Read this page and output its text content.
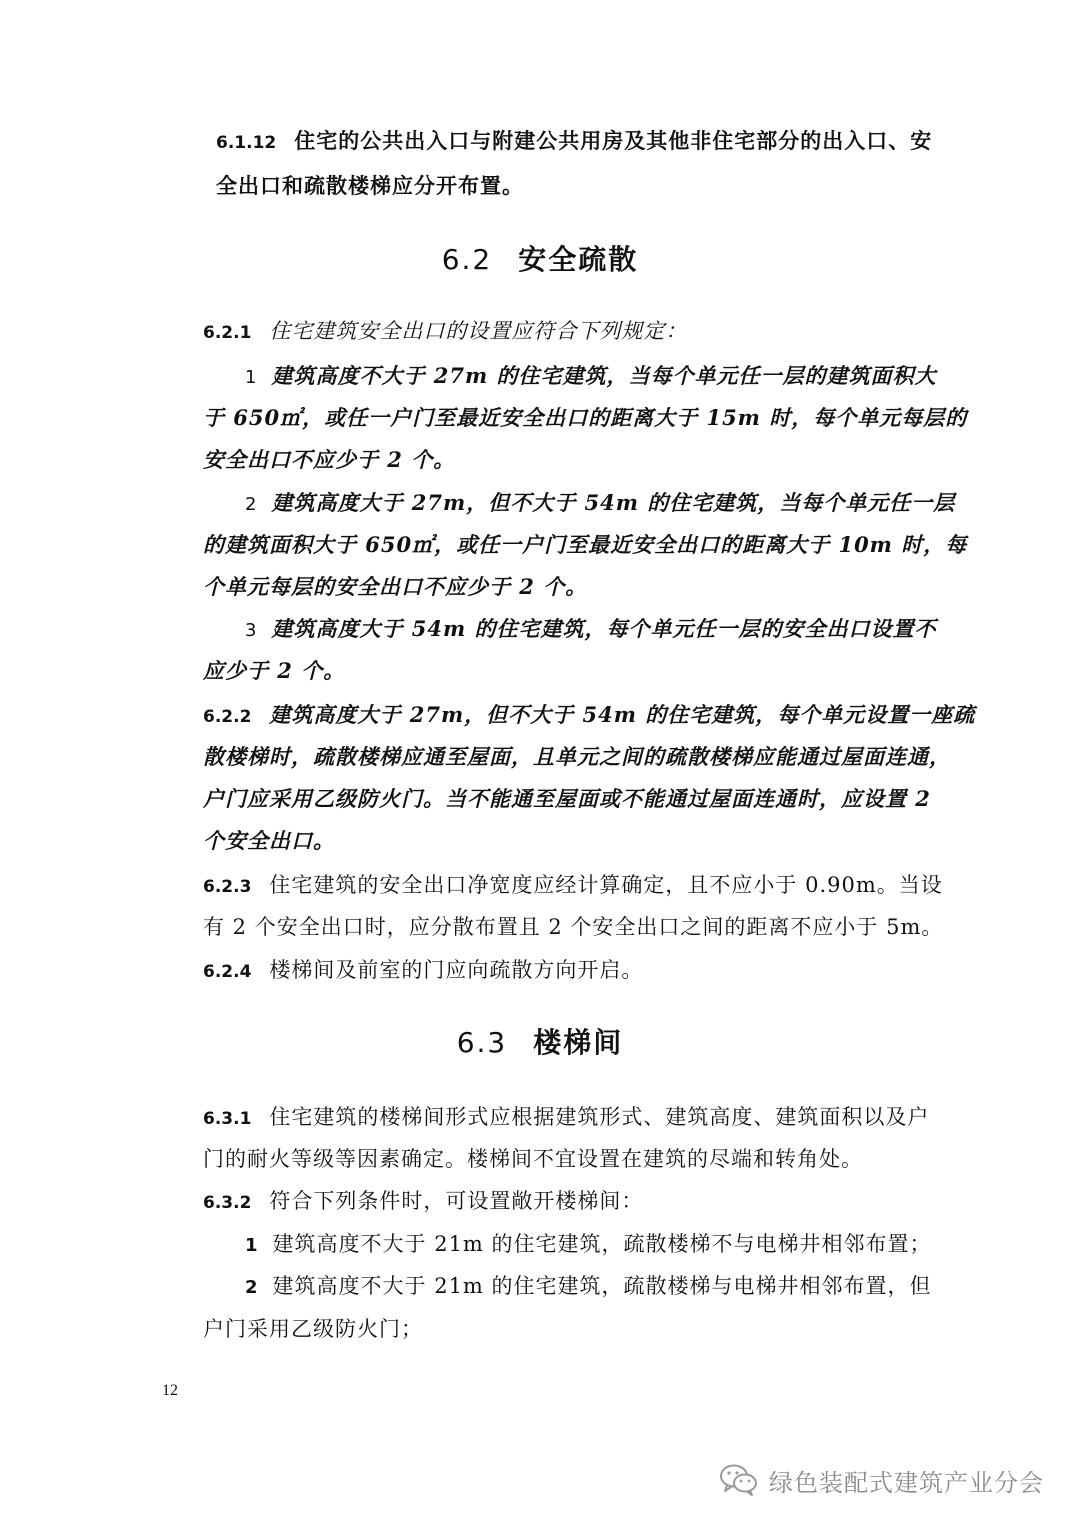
6.1.12 住宅的公共出入口与附建公共用房及其他非住宅部分的出入口、安
全出口和疏散楼梯应分开布置。
6.2 安全疏散
6.2.1 住宅建筑安全出口的设置应符合下列规定：
1 建筑高度不大于 27m 的住宅建筑，当每个单元任一层的建筑面积大
于 650㎡，或任一户门至最近安全出口的距离大于 15m 时，每个单元每层的
安全出口不应少于 2 个。
2 建筑高度大于 27m，但不大于 54m 的住宅建筑，当每个单元任一层
的建筑面积大于 650㎡，或任一户门至最近安全出口的距离大于 10m 时，每
个单元每层的安全出口不应少于 2 个。
3 建筑高度大于 54m 的住宅建筑，每个单元任一层的安全出口设置不
应少于 2 个。
6.2.2 建筑高度大于 27m，但不大于 54m 的住宅建筑，每个单元设置一座疏
散楼梯时，疏散楼梯应通至屋面，且单元之间的疏散楼梯应能通过屋面连通，
户门应采用乙级防火门。当不能通至屋面或不能通过屋面连通时，应设置 2
个安全出口。
6.2.3 住宅建筑的安全出口净宽度应经计算确定，且不应小于 0.90m。当设
有 2 个安全出口时，应分散布置且 2 个安全出口之间的距离不应小于 5m。
6.2.4 楼梯间及前室的门应向疏散方向开启。
6.3 楼梯间
6.3.1 住宅建筑的楼梯间形式应根据建筑形式、建筑高度、建筑面积以及户
门的耐火等级等因素确定。楼梯间不宜设置在建筑的尽端和转角处。
6.3.2 符合下列条件时，可设置敞开楼梯间：
1 建筑高度不大于 21m 的住宅建筑，疏散楼梯不与电梯井相邻布置；
2 建筑高度不大于 21m 的住宅建筑，疏散楼梯与电梯井相邻布置，但
户门采用乙级防火门；
12
绿色装配式建筑产业分会
